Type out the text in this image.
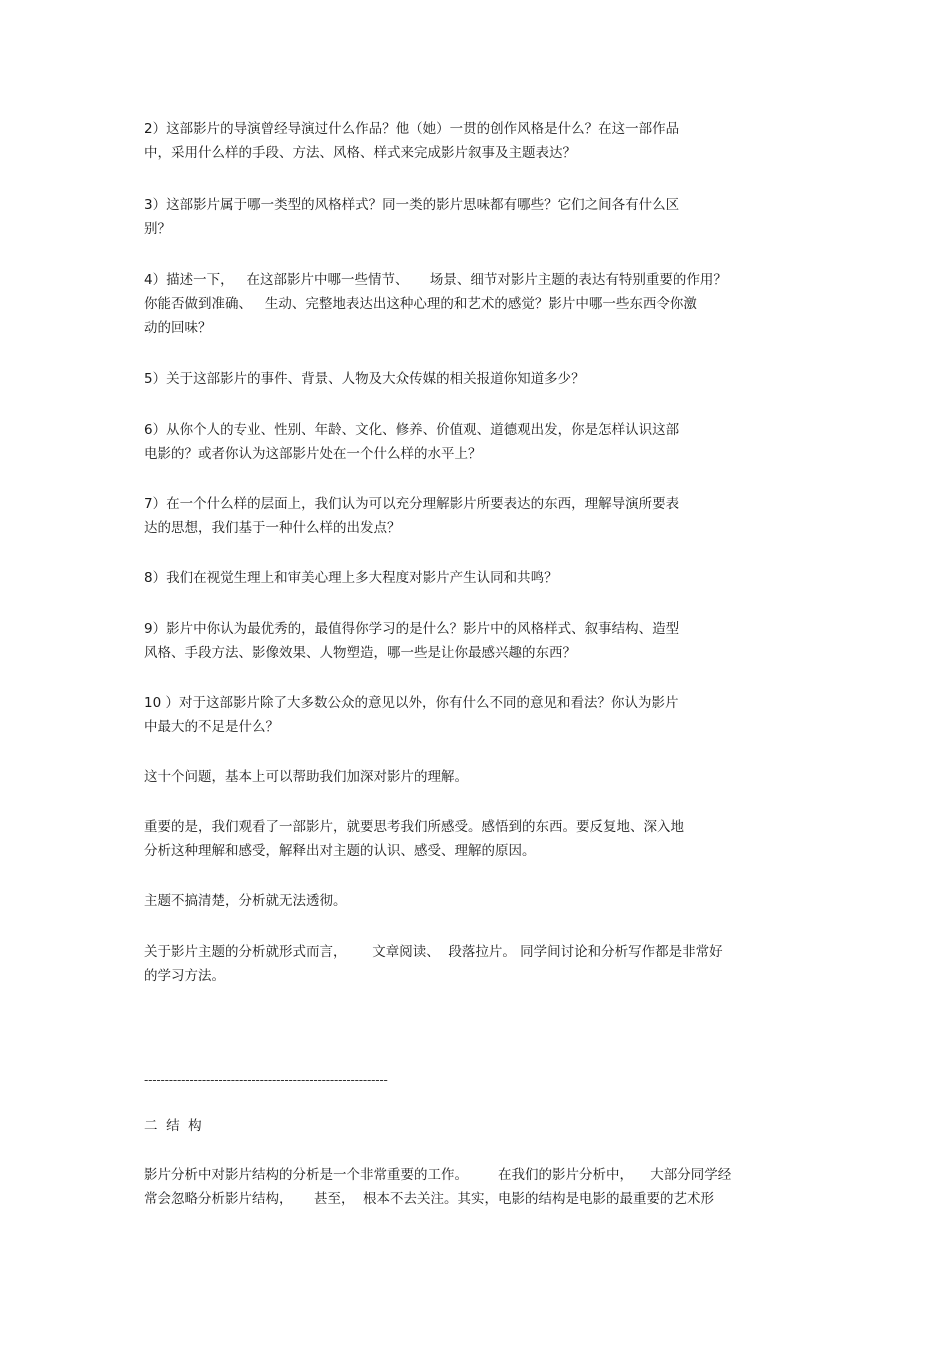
2）这部影片的导演曾经导演过什么作品？他（她）一贯的创作风格是什么？在这一部作品
中，采用什么样的手段、方法、风格、样式来完成影片叙事及主题表达？

3）这部影片属于哪一类型的风格样式？同一类的影片思味都有哪些？它们之间各有什么区
别？

4）描述一下，   在这部影片中哪一些情节、     场景、细节对影片主题的表达有特别重要的作用？
你能否做到准确、   生动、完整地表达出这种心理的和艺术的感觉？影片中哪一些东西令你激
动的回味？

5）关于这部影片的事件、背景、人物及大众传媒的相关报道你知道多少？

6）从你个人的专业、性别、年龄、文化、修养、价值观、道德观出发，你是怎样认识这部
电影的？或者你认为这部影片处在一个什么样的水平上？

7）在一个什么样的层面上，我们认为可以充分理解影片所要表达的东西，理解导演所要表
达的思想，我们基于一种什么样的出发点？

8）我们在视觉生理上和审美心理上多大程度对影片产生认同和共鸣？

9）影片中你认为最优秀的，最值得你学习的是什么？影片中的风格样式、叙事结构、造型
风格、手段方法、影像效果、人物塑造，哪一些是让你最感兴趣的东西？

10 ）对于这部影片除了大多数公众的意见以外，你有什么不同的意见和看法？你认为影片
中最大的不足是什么？

这十个问题，基本上可以帮助我们加深对影片的理解。

重要的是，我们观看了一部影片，就要思考我们所感受。感悟到的东西。要反复地、深入地
分析这种理解和感受，解释出对主题的认识、感受、理解的原因。

主题不搞清楚，分析就无法透彻。

关于影片主题的分析就形式而言，      文章阅读、  段落拉片。 同学间讨论和分析写作都是非常好
的学习方法。

-----------------------------------------------------------
二  结  构

影片分析中对影片结构的分析是一个非常重要的工作。       在我们的影片分析中，    大部分同学经
常会忽略分析影片结构，     甚至，  根本不去关注。其实，电影的结构是电影的最重要的艺术形
